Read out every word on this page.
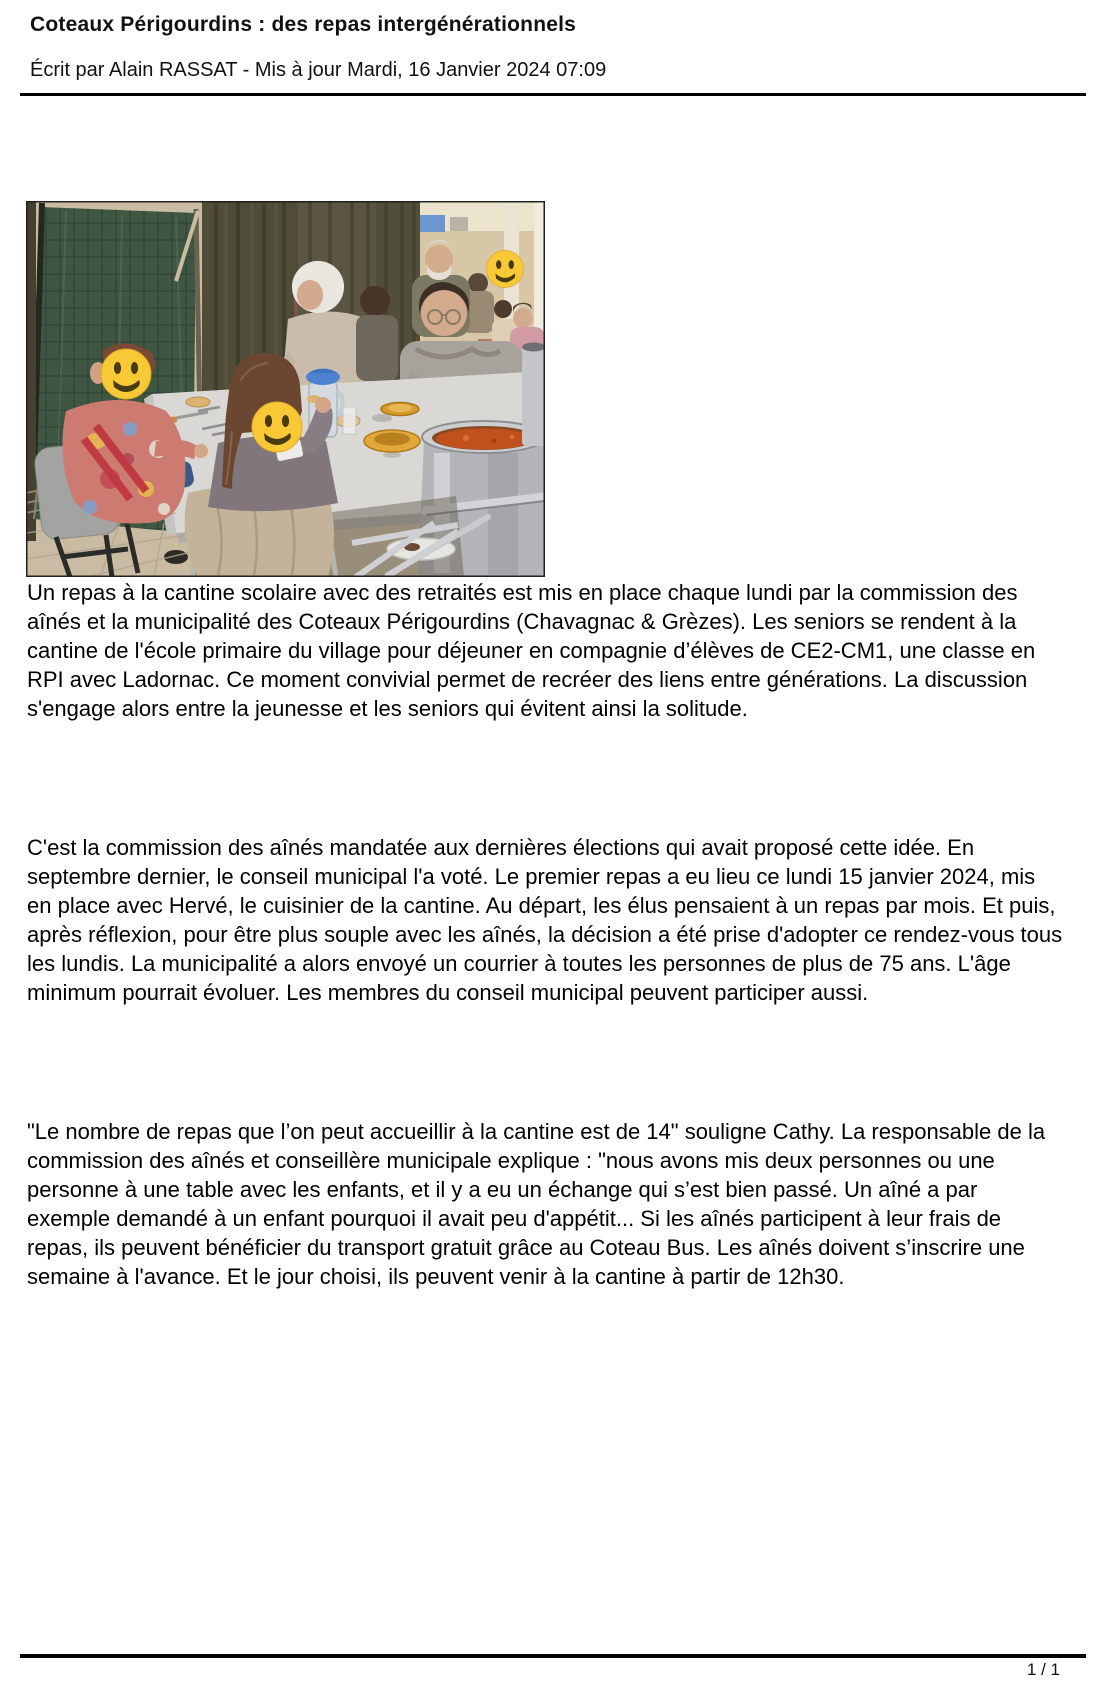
Coteaux Périgourdins : des repas intergénérationnels

Écrit par Alain RASSAT - Mis à jour Mardi, 16 Janvier 2024 07:09

Un repas à la cantine scolaire avec des retraités est mis en place chaque lundi par la commission des aînés et la municipalité des Coteaux Périgourdins (Chavagnac & Grèzes). Les seniors se rendent à la cantine de l'école primaire du village pour déjeuner en compagnie d’élèves de CE2-CM1, une classe en RPI avec Ladornac. Ce moment convivial permet de recréer des liens entre générations. La discussion s'engage alors entre la jeunesse et les seniors qui évitent ainsi la solitude.

C'est la commission des aînés mandatée aux dernières élections qui avait proposé cette idée. En septembre dernier, le conseil municipal l'a voté. Le premier repas a eu lieu ce lundi 15 janvier 2024, mis en place avec Hervé, le cuisinier de la cantine. Au départ, les élus pensaient à un repas par mois. Et puis, après réflexion, pour être plus souple avec les aînés, la décision a été prise d'adopter ce rendez-vous tous les lundis. La municipalité a alors envoyé un courrier à toutes les personnes de plus de 75 ans. L'âge minimum pourrait évoluer. Les membres du conseil municipal peuvent participer aussi.

"Le nombre de repas que l’on peut accueillir à la cantine est de 14" souligne Cathy. La responsable de la commission des aînés et conseillère municipale explique : "nous avons mis deux personnes ou une personne à une table avec les enfants, et il y a eu un échange qui s’est bien passé. Un aîné a par exemple demandé à un enfant pourquoi il avait peu d'appétit... Si les aînés participent à leur frais de repas, ils peuvent bénéficier du transport gratuit grâce au Coteau Bus. Les aînés doivent s’inscrire une semaine à l'avance. Et le jour choisi, ils peuvent venir à la cantine à partir de 12h30.

1 / 1
